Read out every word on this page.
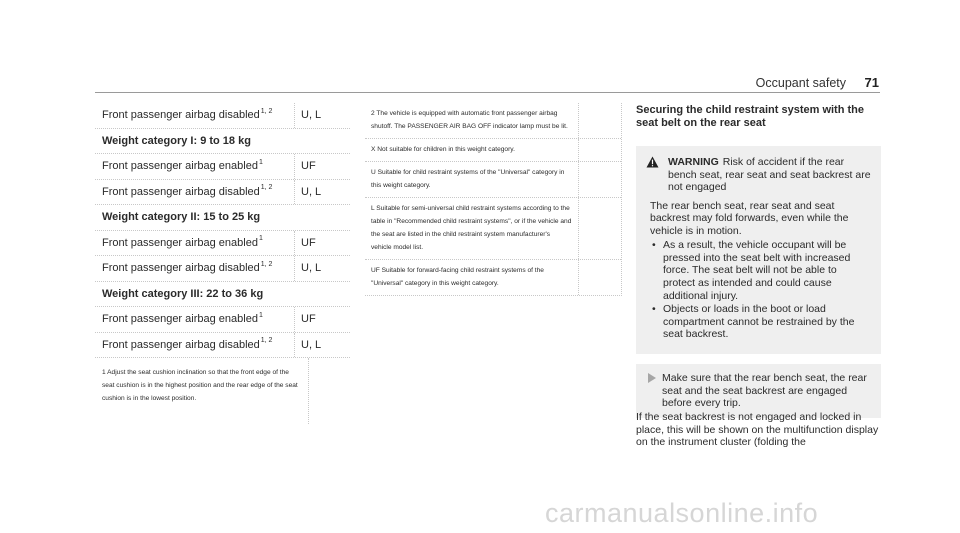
Occupant safety 71
Front passenger airbag disabled$^{1, 2}$	U, L
Weight category I: 9 to 18 kg
Front passenger airbag enabled $^1$	UF
Front passenger airbag disabled$^{1, 2}$	U, L
Weight category II: 15 to 25 kg
Front passenger airbag enabled $^1$	UF
Front passenger airbag disabled$^{1, 2}$	U, L
Weight category III: 22 to 36 kg
Front passenger airbag enabled$^1$	UF
Front passenger airbag disabled$^{1, 2}$	U, L
1 Adjust the seat cushion inclination so that the front edge of the seat cushion is in the highest position and the rear edge of the seat cushion is in the lowest position.
2 The vehicle is equipped with automatic front passenger airbag shutoff. The PASSENGER AIR BAG OFF indicator lamp must be lit.
X Not suitable for children in this weight category.
U Suitable for child restraint systems of the "Universal" category in this weight category.
L Suitable for semi-universal child restraint systems according to the table in "Recommended child restraint systems", or if the vehicle and the seat are listed in the child restraint system manufacturer's vehicle model list.
UF Suitable for forward-facing child restraint systems of the "Universal" category in this weight category.

Securing the child restraint system with the seat belt on the rear seat

WARNING Risk of accident if the rear bench seat, rear seat and seat backrest are not engaged
The rear bench seat, rear seat and seat backrest may fold forwards, even while the vehicle is in motion.
• As a result, the vehicle occupant will be pressed into the seat belt with increased force. The seat belt will not be able to protect as intended and could cause additional injury.
• Objects or loads in the boot or load compartment cannot be restrained by the seat backrest.
Make sure that the rear bench seat, the rear seat and the seat backrest are engaged before every trip.
If the seat backrest is not engaged and locked in place, this will be shown on the multifunction display on the instrument cluster (folding the
carmanualsonline.info
